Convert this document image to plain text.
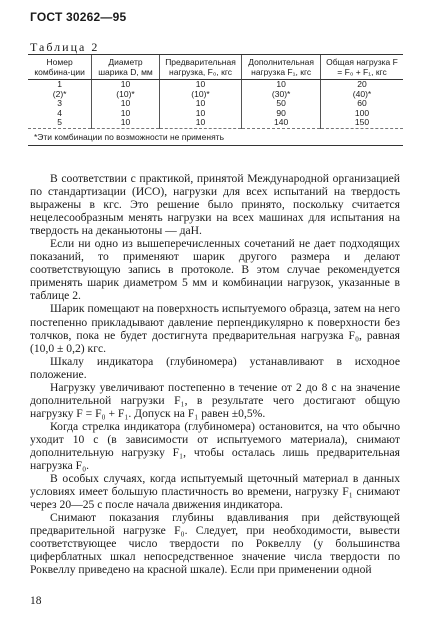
ГОСТ 30262—95
Таблица 2
Номер комбина-ции	Диаметр шарика D, мм	Предварительная нагрузка, F₀, кгс	Дополнительная нагрузка F₁, кгс	Общая нагрузка F = F₀ + F₁, кгс
1	10	10	10	20
(2)*	(10)*	(10)*	(30)*	(40)*
3	10	10	50	60
4	10	10	90	100
5	10	10	140	150
*Эти комбинации по возможности не применять				

В соответствии с практикой, принятой Международной организацией по стандартизации (ИСО), нагрузки для всех испытаний на твердость выражены в кгс. Это решение было принято, поскольку считается нецелесообразным менять нагрузки на всех машинах для испытания на твердость на деканьютоны — даН.

Если ни одно из вышеперечисленных сочетаний не дает подходящих показаний, то применяют шарик другого размера и делают соответствующую запись в протоколе. В этом случае рекомендуется применять шарик диаметром 5 мм и комбинации нагрузок, указанные в таблице 2.

Шарик помещают на поверхность испытуемого образца, затем на него постепенно прикладывают давление перпендикулярно к поверхности без толчков, пока не будет достигнута предварительная нагрузка F₀, равная (10,0 ± 0,2) кгс.

Шкалу индикатора (глубиномера) устанавливают в исходное положение.

Нагрузку увеличивают постепенно в течение от 2 до 8 с на значение дополнительной нагрузки F₁, в результате чего достигают общую нагрузку F = F₀ + F₁. Допуск на F₁ равен ±0,5%.

Когда стрелка индикатора (глубиномера) остановится, на что обычно уходит 10 с (в зависимости от испытуемого материала), снимают дополнительную нагрузку F₁, чтобы осталась лишь предварительная нагрузка F₀.

В особых случаях, когда испытуемый щеточный материал в данных условиях имеет большую пластичность во времени, нагрузку F₁ снимают через 20—25 с после начала движения индикатора.

Снимают показания глубины вдавливания при действующей предварительной нагрузке F₀. Следует, при необходимости, вывести соответствующее число твердости по Роквеллу (у большинства циферблатных шкал непосредственное значение числа твердости по Роквеллу приведено на красной шкале). Если при применении одной

18
